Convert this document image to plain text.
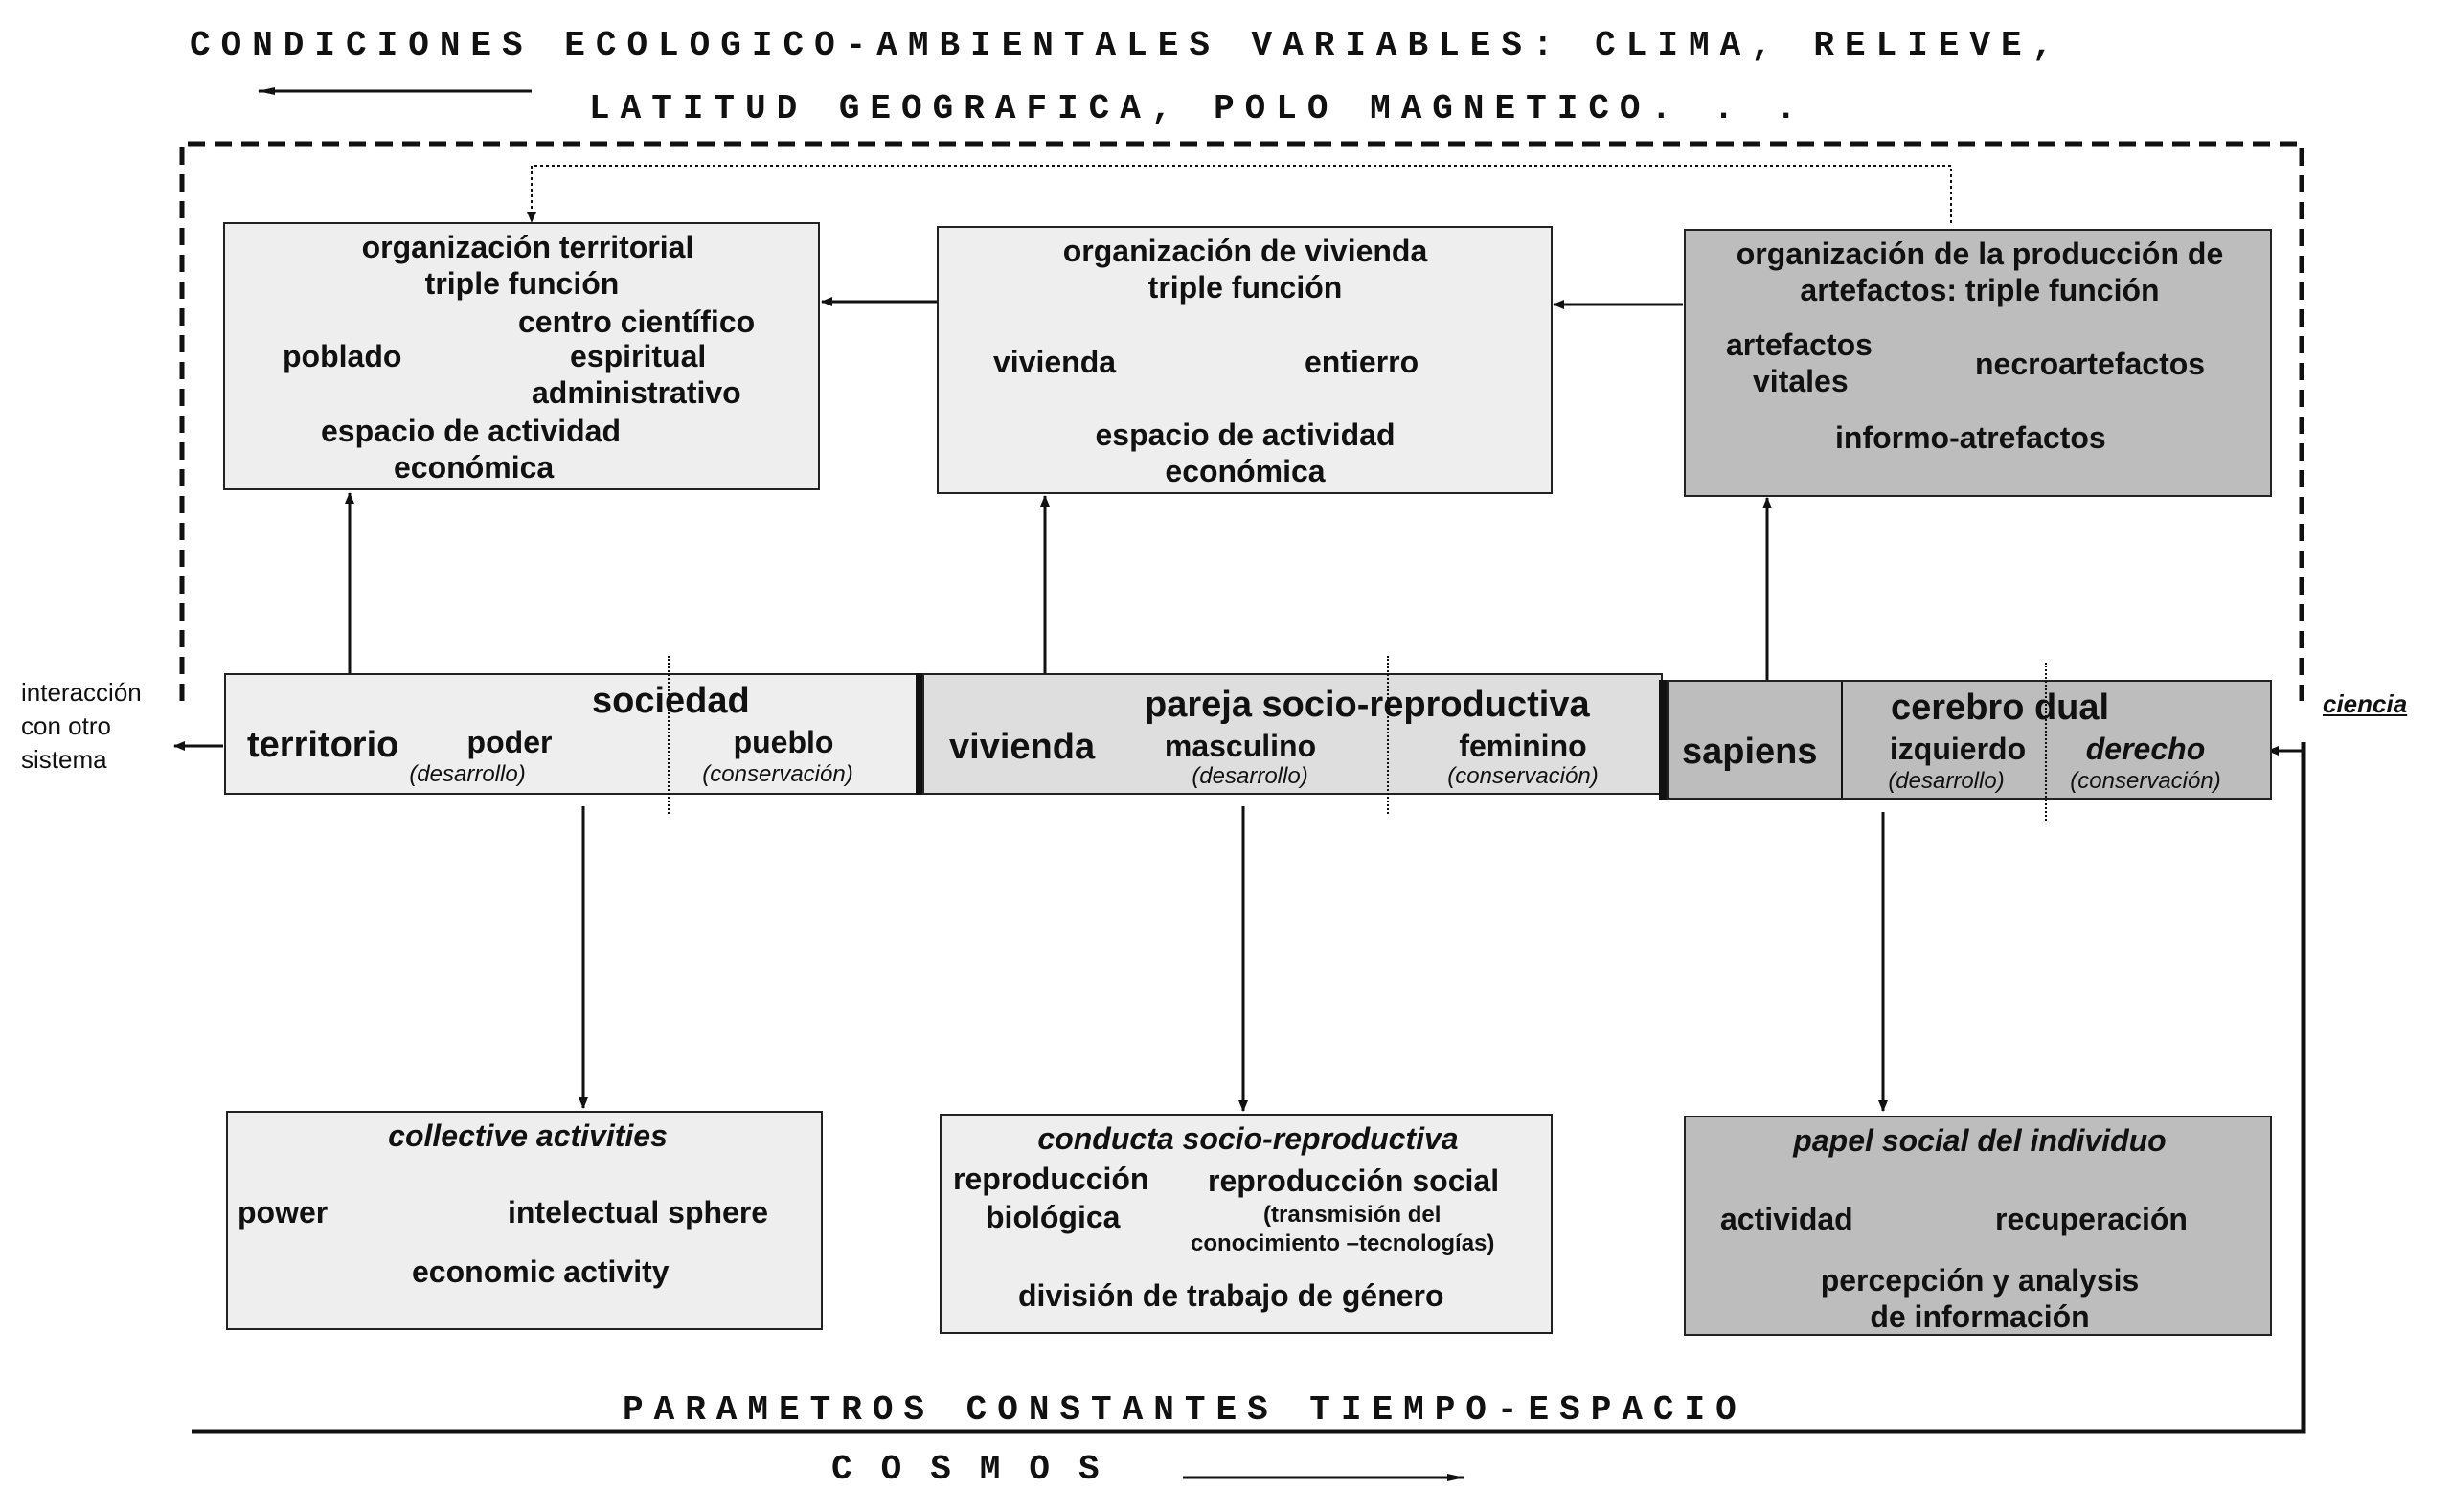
CONDICIONES ECOLOGICO-AMBIENTALES VARIABLES: CLIMA, RELIEVE,
LATITUD GEOGRAFICA, POLO MAGNETICO. . .
organización territorial
triple función
centro científico
poblado	espiritual
administrativo
espacio de actividad
económica
organización de vivienda
triple función
vivienda	entierro
espacio de actividad
económica
organización de la producción de
artefactos: triple función
artefactos
vitales	necroartefactos
informo-atrefactos
interacción
con otro
sistema
ciencia
territorio
sociedad
poder
(desarrollo)
pueblo
(conservación)
vivienda
pareja socio-reproductiva
masculino
(desarrollo)
feminino
(conservación)
sapiens
cerebro dual
izquierdo
(desarrollo)
derecho
(conservación)
collective activities
power	intelectual sphere
economic activity
conducta socio-reproductiva
reproducción
biológica
reproducción social
(transmisión del
conocimiento –tecnologías)
división de trabajo de género
papel social del individuo
actividad	recuperación
percepción y analysis
de información
PARAMETROS CONSTANTES TIEMPO-ESPACIO
COSMOS
